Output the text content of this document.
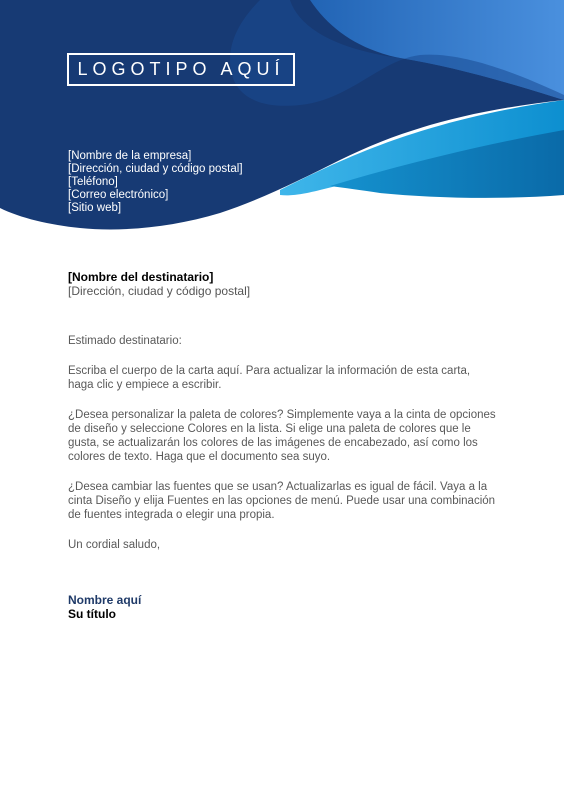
LOGOTIPO AQUÍ
[Nombre de la empresa]
[Dirección, ciudad y código postal]
[Teléfono]
[Correo electrónico]
[Sitio web]
[Nombre del destinatario]
[Dirección, ciudad y código postal]

Estimado destinatario:

Escriba el cuerpo de la carta aquí. Para actualizar la información de esta carta, haga clic y empiece a escribir.

¿Desea personalizar la paleta de colores? Simplemente vaya a la cinta de opciones de diseño y seleccione Colores en la lista. Si elige una paleta de colores que le gusta, se actualizarán los colores de las imágenes de encabezado, así como los colores de texto. Haga que el documento sea suyo.

¿Desea cambiar las fuentes que se usan? Actualizarlas es igual de fácil. Vaya a la cinta Diseño y elija Fuentes en las opciones de menú. Puede usar una combinación de fuentes integrada o elegir una propia.

Un cordial saludo,

Nombre aquí
Su título
